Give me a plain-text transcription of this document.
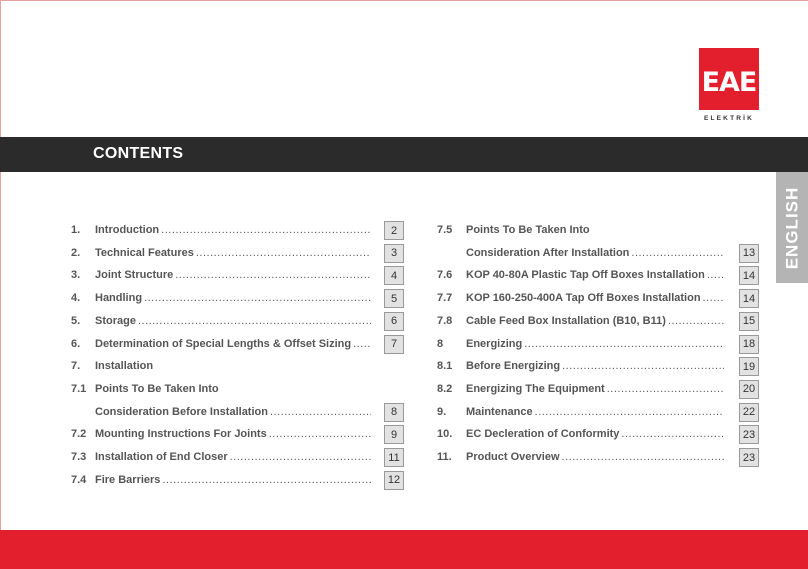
EAE
ELEKTRİK
CONTENTS
ENGLISH
1. Introduction .....	2
2. Technical Features .....	3
3. Joint Structure .....	4
4. Handling .....	5
5. Storage .....	6
6. Determination of Special Lengths & Offset Sizing .....	7
7. Installation
7.1 Points To Be Taken Into
Consideration Before Installation .....	8
7.2 Mounting Instructions For Joints .....	9
7.3 Installation of End Closer .....	11
7.4 Fire Barriers .....	12
7.5 Points To Be Taken Into
Consideration After Installation .....	13
7.6 KOP 40-80A Plastic Tap Off Boxes Installation .....	14
7.7 KOP 160-250-400A Tap Off Boxes Installation .....	14
7.8 Cable Feed Box Installation (B10, B11) .....	15
8 Energizing .....	18
8.1 Before Energizing .....	19
8.2 Energizing The Equipment .....	20
9. Maintenance .....	22
10. EC Decleration of Conformity .....	23
11. Product Overview .....	23
